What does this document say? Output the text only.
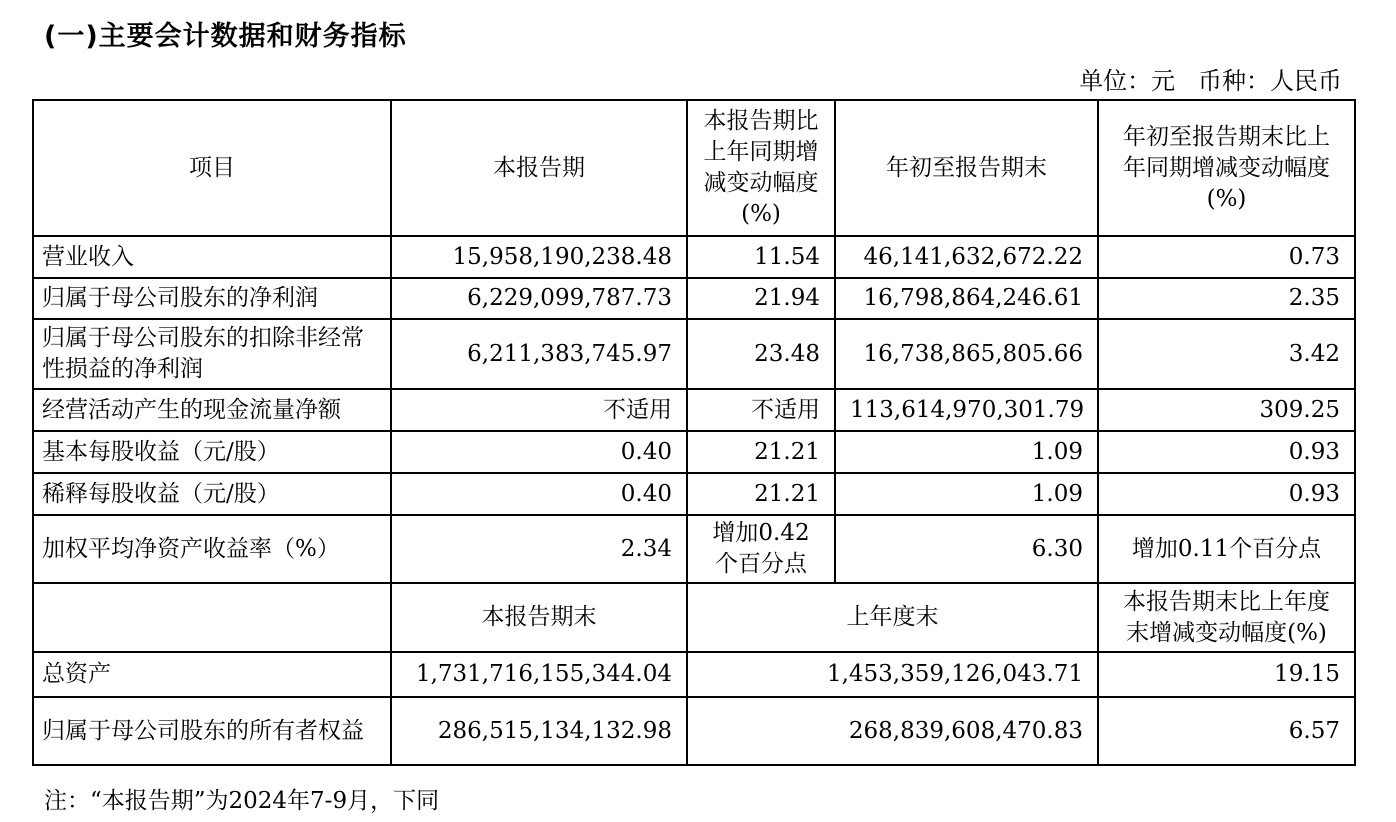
(一)主要会计数据和财务指标
单位：元   币种：人民币
项目	本报告期	本报告期比上年同期增减变动幅度(%)	年初至报告期末	年初至报告期末比上年同期增减变动幅度(%)
营业收入	15,958,190,238.48	11.54	46,141,632,672.22	0.73
归属于母公司股东的净利润	6,229,099,787.73	21.94	16,798,864,246.61	2.35
归属于母公司股东的扣除非经常性损益的净利润	6,211,383,745.97	23.48	16,738,865,805.66	3.42
经营活动产生的现金流量净额	不适用	不适用	113,614,970,301.79	309.25
基本每股收益（元/股）	0.40	21.21	1.09	0.93
稀释每股收益（元/股）	0.40	21.21	1.09	0.93
加权平均净资产收益率（%）	2.34	增加0.42个百分点	6.30	增加0.11个百分点
	本报告期末	上年度末		本报告期末比上年度末增减变动幅度(%)
总资产	1,731,716,155,344.04	1,453,359,126,043.71		19.15
归属于母公司股东的所有者权益	286,515,134,132.98	268,839,608,470.83		6.57
注：“本报告期”为2024年7-9月，下同
